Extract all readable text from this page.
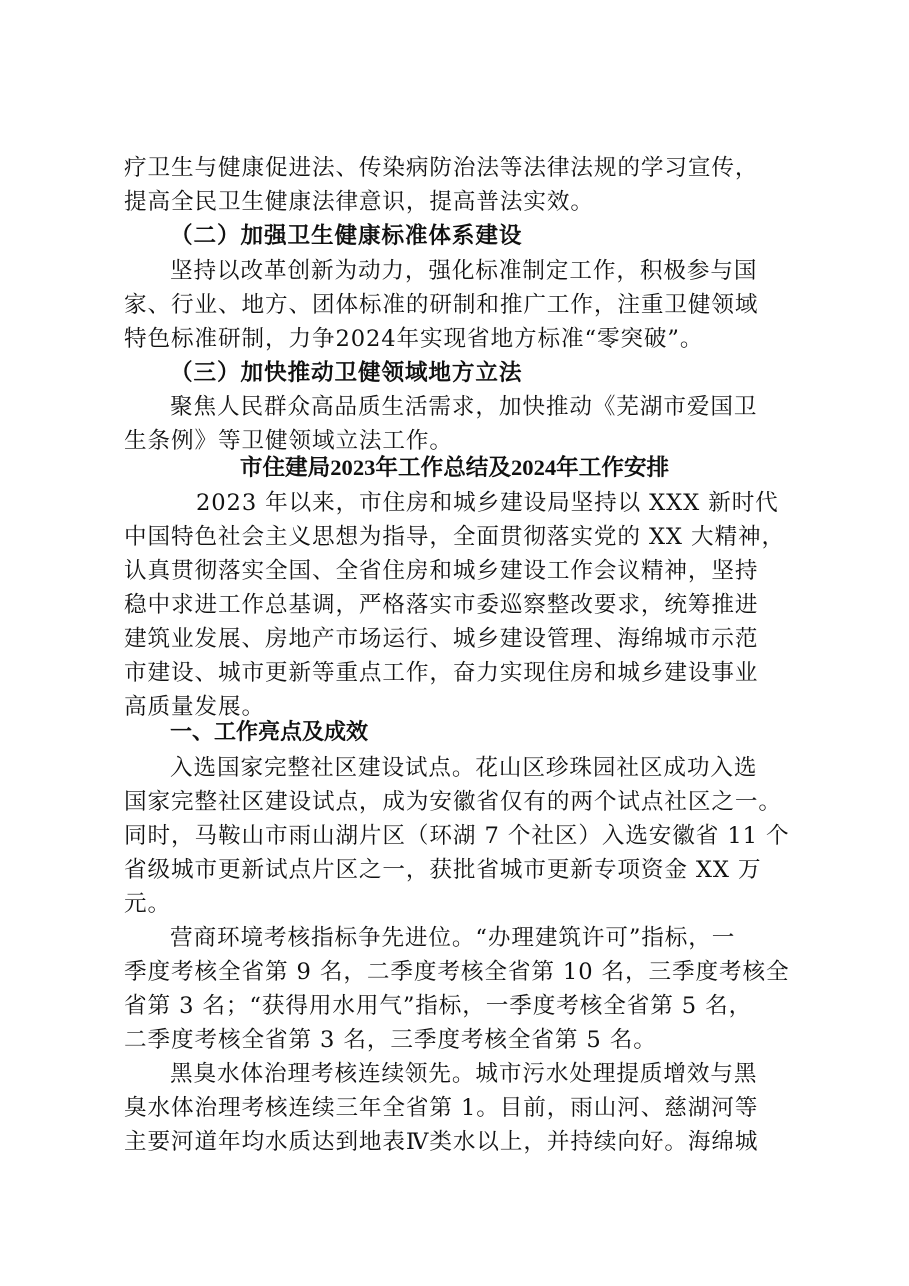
疗卫生与健康促进法、传染病防治法等法律法规的学习宣传，
提高全民卫生健康法律意识，提高普法实效。
（二）加强卫生健康标准体系建设
坚持以改革创新为动力，强化标准制定工作，积极参与国
家、行业、地方、团体标准的研制和推广工作，注重卫健领域
特色标准研制，力争2024年实现省地方标准“零突破”。
（三）加快推动卫健领域地方立法
聚焦人民群众高品质生活需求，加快推动《芜湖市爱国卫
生条例》等卫健领域立法工作。
市住建局2023年工作总结及2024年工作安排
2023 年以来，市住房和城乡建设局坚持以 XXX 新时代
中国特色社会主义思想为指导，全面贯彻落实党的 XX 大精神，
认真贯彻落实全国、全省住房和城乡建设工作会议精神，坚持
稳中求进工作总基调，严格落实市委巡察整改要求，统筹推进
建筑业发展、房地产市场运行、城乡建设管理、海绵城市示范
市建设、城市更新等重点工作，奋力实现住房和城乡建设事业
高质量发展。
一、工作亮点及成效
入选国家完整社区建设试点。花山区珍珠园社区成功入选
国家完整社区建设试点，成为安徽省仅有的两个试点社区之一。
同时，马鞍山市雨山湖片区（环湖 7 个社区）入选安徽省 11 个
省级城市更新试点片区之一，获批省城市更新专项资金 XX 万
元。
营商环境考核指标争先进位。“办理建筑许可”指标，一
季度考核全省第 9 名，二季度考核全省第 10 名，三季度考核全
省第 3 名；“获得用水用气”指标，一季度考核全省第 5 名，
二季度考核全省第 3 名，三季度考核全省第 5 名。
黑臭水体治理考核连续领先。城市污水处理提质增效与黑
臭水体治理考核连续三年全省第 1。目前，雨山河、慈湖河等
主要河道年均水质达到地表Ⅳ类水以上，并持续向好。海绵城
